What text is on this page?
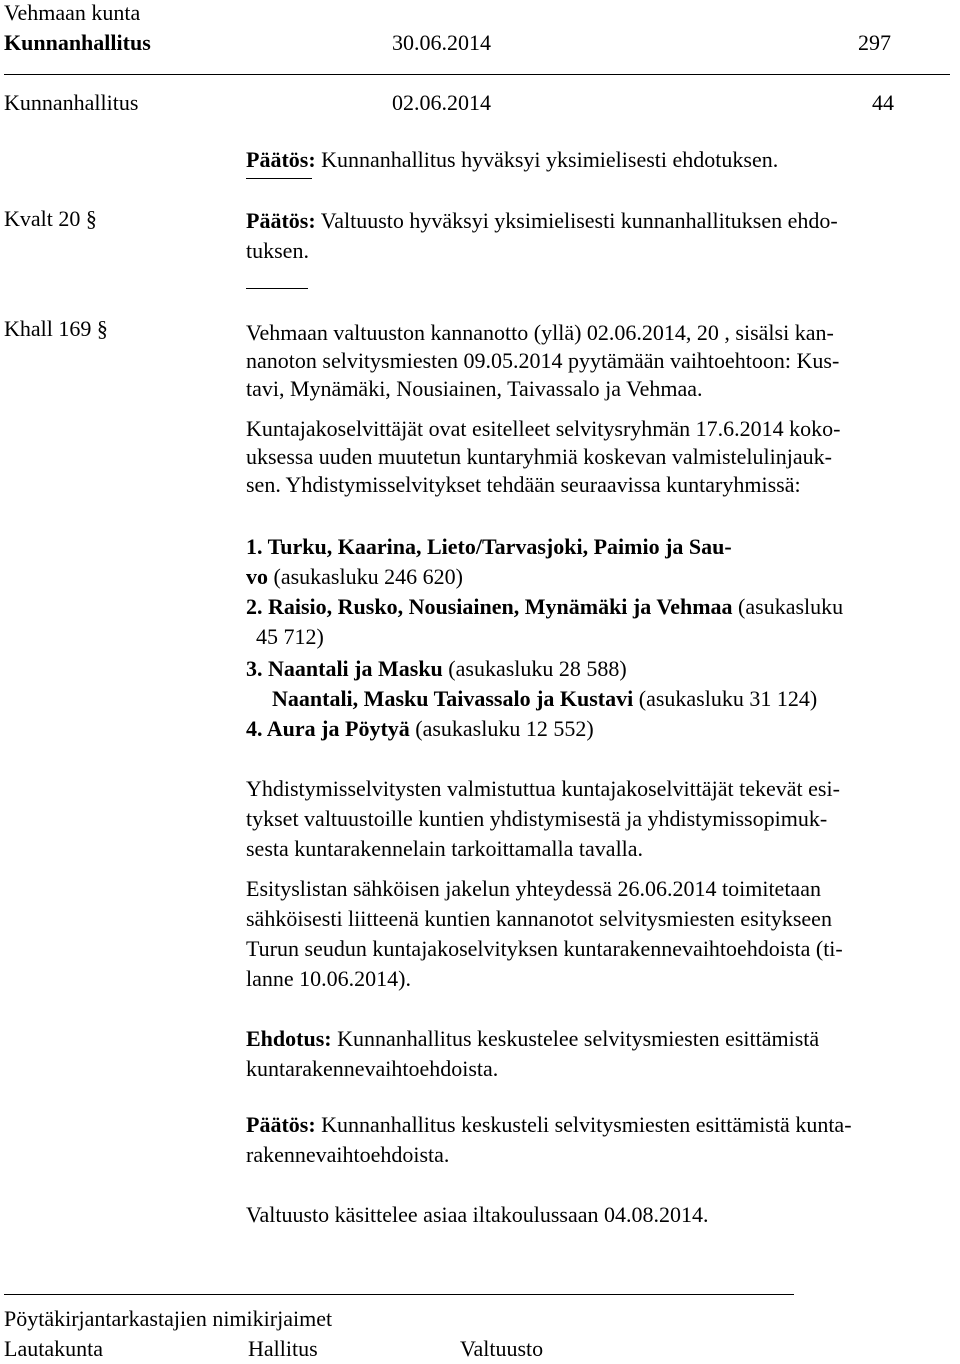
Vehmaan kunta
Kunnanhallitus	30.06.2014	297
Kunnanhallitus	02.06.2014	44
Päätös: Kunnanhallitus hyväksyi yksimielisesti ehdotuksen.
Kvalt 20 §	Päätös: Valtuusto hyväksyi yksimielisesti kunnanhallituksen ehdo-
tuksen.
Khall 169 §	Vehmaan valtuuston kannanotto (yllä) 02.06.2014, 20 , sisälsi kan-
nanoton selvitysmiesten 09.05.2014 pyytämään vaihtoehtoon: Kus-
tavi, Mynämäki, Nousiainen, Taivassalo ja Vehmaa.
Kuntajakoselvittäjät ovat esitelleet selvitysryhmän 17.6.2014 koko-
uksessa uuden muutetun kuntaryhmiä koskevan valmistelulinjauk-
sen. Yhdistymisselvitykset tehdään seuraavissa kuntaryhmissä:
1. Turku, Kaarina, Lieto/Tarvasjoki, Paimio ja Sau-
vo (asukasluku 246 620)
2. Raisio, Rusko, Nousiainen, Mynämäki ja Vehmaa (asukasluku
45 712)
3. Naantali ja Masku (asukasluku 28 588)
Naantali, Masku Taivassalo ja Kustavi (asukasluku 31 124)
4. Aura ja Pöytyä (asukasluku 12 552)
Yhdistymisselvitysten valmistuttua kuntajakoselvittäjät tekevät esi-
tykset valtuustoille kuntien yhdistymisestä ja yhdistymissopimuk-
sesta kuntarakennelain tarkoittamalla tavalla.
Esityslistan sähköisen jakelun yhteydessä 26.06.2014 toimitetaan
sähköisesti liitteenä kuntien kannanotot selvitysmiesten esitykseen
Turun seudun kuntajakoselvityksen kuntarakennevaihtoehdoista (ti-
lanne 10.06.2014).
Ehdotus: Kunnanhallitus keskustelee selvitysmiesten esittämistä
kuntarakennevaihtoehdoista.
Päätös: Kunnanhallitus keskusteli selvitysmiesten esittämistä kunta-
rakennevaihtoehdoista.
Valtuusto käsittelee asiaa iltakoulussaan 04.08.2014.
Pöytäkirjantarkastajien nimikirjaimet
Lautakunta	Hallitus	Valtuusto
